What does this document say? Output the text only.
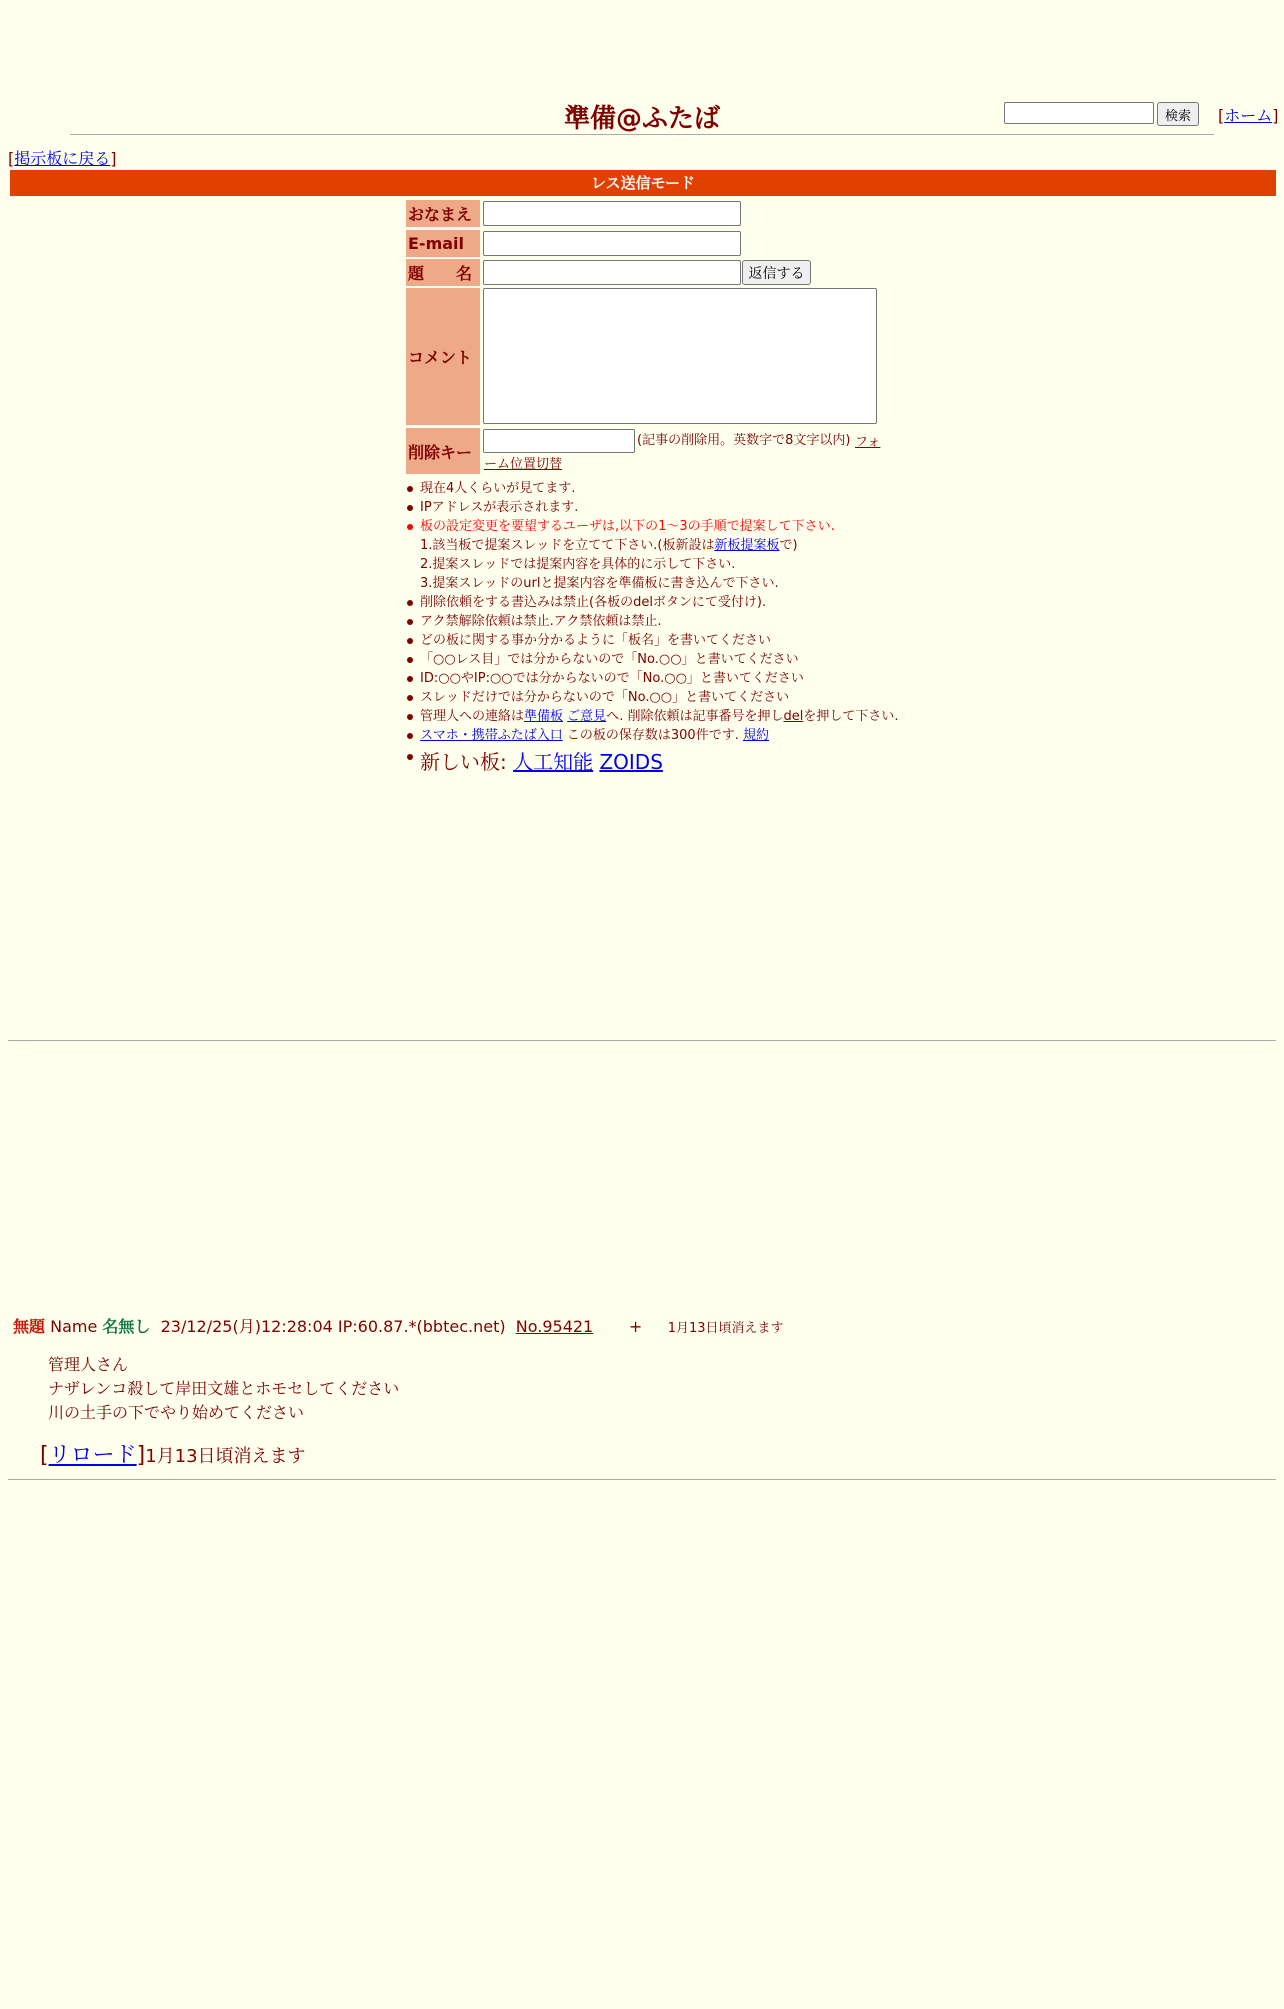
準備@ふたば	検索	[ホーム]
[掲示板に戻る]
レス送信モード
おなまえ
E-mail
題　　名	返信する
コメント
削除キー
(記事の削除用。英数字で8文字以内) フォーム位置切替
現在4人くらいが見てます.
IPアドレスが表示されます.
板の設定変更を要望するユーザは,以下の1〜3の手順で提案して下さい.
1.該当板で提案スレッドを立てて下さい.(板新設は新板提案板で)
2.提案スレッドでは提案内容を具体的に示して下さい.
3.提案スレッドのurlと提案内容を準備板に書き込んで下さい.
削除依頼をする書込みは禁止(各板のdelボタンにて受付け).
アク禁解除依頼は禁止.アク禁依頼は禁止.
どの板に関する事か分かるように「板名」を書いてください
「○○レス目」では分からないので「No.○○」と書いてください
ID:○○やIP:○○では分からないので「No.○○」と書いてください
スレッドだけでは分からないので「No.○○」と書いてください
管理人への連絡は準備板 ご意見へ. 削除依頼は記事番号を押しdelを押して下さい.
スマホ・携帯ふたば入口 この板の保存数は300件です. 規約
新しい板: 人工知能 ZOIDS
無題 Name 名無し 23/12/25(月)12:28:04 IP:60.87.*(bbtec.net) No.95421 + 1月13日頃消えます
管理人さん
ナザレンコ殺して岸田文雄とホモセしてください
川の土手の下でやり始めてください
[リロード]1月13日頃消えます
